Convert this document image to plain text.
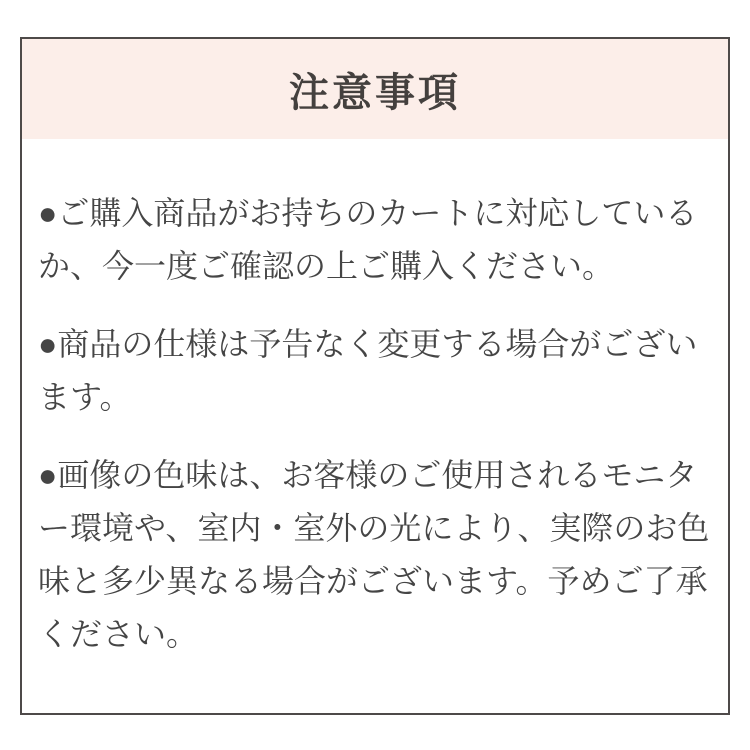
注意事項

●ご購入商品がお持ちのカートに対応しているか、今一度ご確認の上ご購入ください。

●商品の仕様は予告なく変更する場合がございます。

●画像の色味は、お客様のご使用されるモニター環境や、室内・室外の光により、実際のお色味と多少異なる場合がございます。予めご了承ください。
